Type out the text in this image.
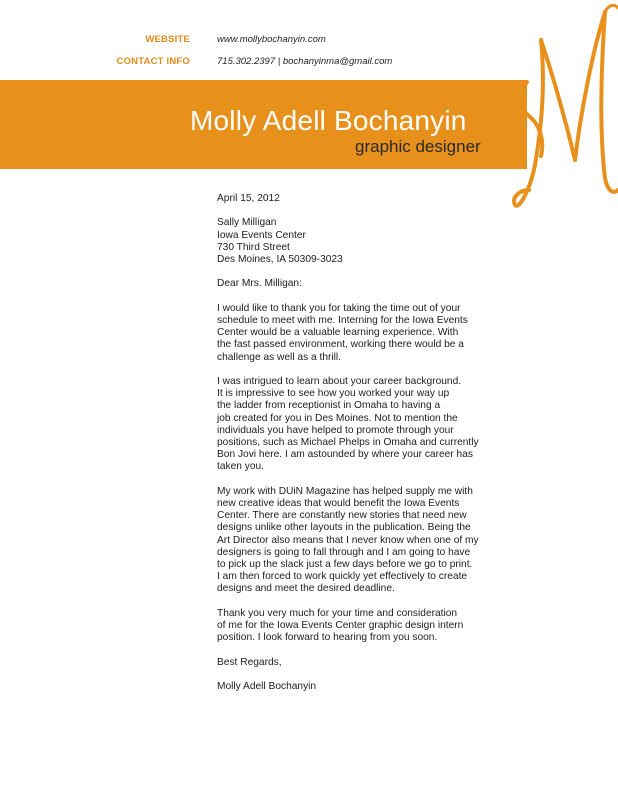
WEBSITE	www.mollybochanyin.com
CONTACT INFO	715.302.2397 | bochanyinma@gmail.com
Molly Adell Bochanyin
graphic designer

April 15, 2012

Sally Milligan
Iowa Events Center
730 Third Street
Des Moines, IA 50309-3023

Dear Mrs. Milligan:

I would like to thank you for taking the time out of your
schedule to meet with me. Interning for the Iowa Events
Center would be a valuable learning experience. With
the fast passed environment, working there would be a
challenge as well as a thrill.

I was intrigued to learn about your career background.
It is impressive to see how you worked your way up
the ladder from receptionist in Omaha to having a
job created for you in Des Moines. Not to mention the
individuals you have helped to promote through your
positions, such as Michael Phelps in Omaha and currently
Bon Jovi here. I am astounded by where your career has
taken you.

My work with DUiN Magazine has helped supply me with
new creative ideas that would benefit the Iowa Events
Center. There are constantly new stories that need new
designs unlike other layouts in the publication. Being the
Art Director also means that I never know when one of my
designers is going to fall through and I am going to have
to pick up the slack just a few days before we go to print.
I am then forced to work quickly yet effectively to create
designs and meet the desired deadline.

Thank you very much for your time and consideration
of me for the Iowa Events Center graphic design intern
position. I look forward to hearing from you soon.

Best Regards,

Molly Adell Bochanyin
